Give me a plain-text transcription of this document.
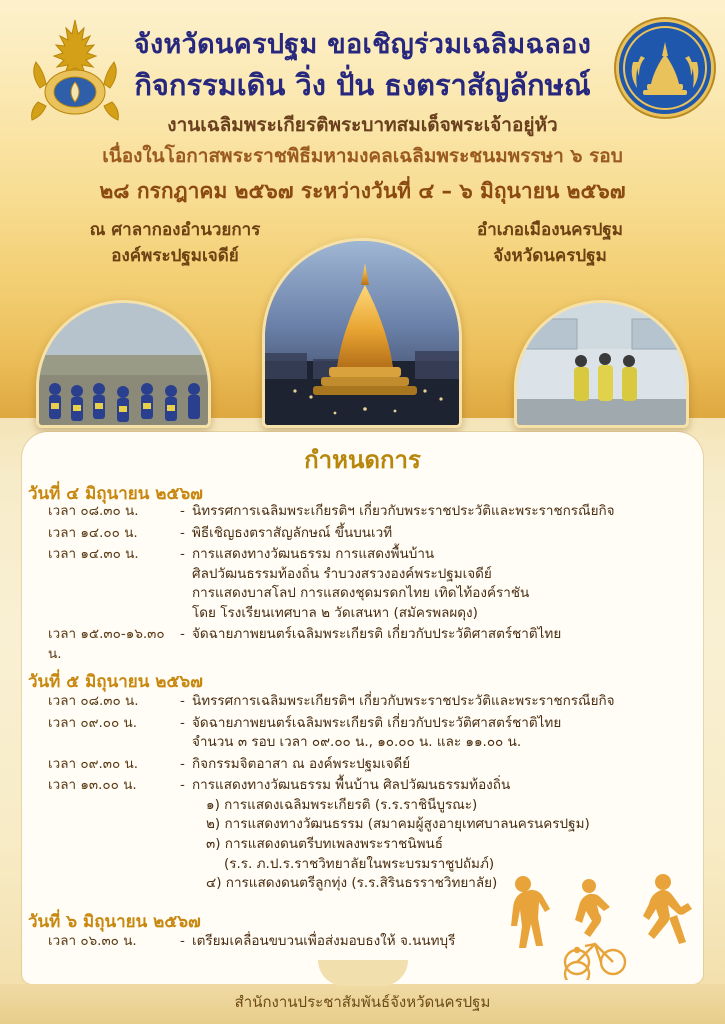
จังหวัดนครปฐม ขอเชิญร่วมเฉลิมฉลอง
กิจกรรมเดิน วิ่ง ปั่น ธงตราสัญลักษณ์
งานเฉลิมพระเกียรติพระบาทสมเด็จพระเจ้าอยู่หัว
เนื่องในโอกาสพระราชพิธีมหามงคลเฉลิมพระชนมพรรษา ๖ รอบ
๒๘ กรกฎาคม ๒๕๖๗ ระหว่างวันที่ ๔ – ๖ มิถุนายน ๒๕๖๗
ณ ศาลากองอำนวยการ
องค์พระปฐมเจดีย์
อำเภอเมืองนครปฐม
จังหวัดนครปฐม
กำหนดการ
วันที่ ๔ มิถุนายน ๒๕๖๗
เวลา ๐๘.๓๐ น.	- นิทรรศการเฉลิมพระเกียรติฯ เกี่ยวกับพระราชประวัติและพระราชกรณียกิจ
เวลา ๑๔.๐๐ น.	- พิธีเชิญธงตราสัญลักษณ์ ขึ้นบนเวที
เวลา ๑๔.๓๐ น.	- การแสดงทางวัฒนธรรม การแสดงพื้นบ้าน
ศิลปวัฒนธรรมท้องถิ่น รำบวงสรวงองค์พระปฐมเจดีย์
การแสดงบาสโลป การแสดงชุดมรดกไทย เทิดไท้องค์ราชัน
โดย โรงเรียนเทศบาล ๒ วัดเสนหา (สมัครพลผดุง)
เวลา ๑๕.๓๐-๑๖.๓๐ น.
- จัดฉายภาพยนตร์เฉลิมพระเกียรติ เกี่ยวกับประวัติศาสตร์ชาติไทย
วันที่ ๕ มิถุนายน ๒๕๖๗
เวลา ๐๘.๓๐ น.	- นิทรรศการเฉลิมพระเกียรติฯ เกี่ยวกับพระราชประวัติและพระราชกรณียกิจ
เวลา ๐๙.๐๐ น.	- จัดฉายภาพยนตร์เฉลิมพระเกียรติ เกี่ยวกับประวัติศาสตร์ชาติไทย
จำนวน ๓ รอบ เวลา ๐๙.๐๐ น., ๑๐.๐๐ น. และ ๑๑.๐๐ น.
เวลา ๐๙.๓๐ น.	- กิจกรรมจิตอาสา ณ องค์พระปฐมเจดีย์
เวลา ๑๓.๐๐ น.	- การแสดงทางวัฒนธรรม พื้นบ้าน ศิลปวัฒนธรรมท้องถิ่น
๑) การแสดงเฉลิมพระเกียรติ (ร.ร.ราชินีบูรณะ)
๒) การแสดงทางวัฒนธรรม (สมาคมผู้สูงอายุเทศบาลนครนครปฐม)
๓) การแสดงดนตรีบทเพลงพระราชนิพนธ์
(ร.ร. ภ.ป.ร.ราชวิทยาลัยในพระบรมราชูปถัมภ์)
๔) การแสดงดนตรีลูกทุ่ง (ร.ร.สิรินธรราชวิทยาลัย)
วันที่ ๖ มิถุนายน ๒๕๖๗
เวลา ๐๖.๓๐ น.	- เตรียมเคลื่อนขบวนเพื่อส่งมอบธงให้ จ.นนทบุรี
สำนักงานประชาสัมพันธ์จังหวัดนครปฐม
